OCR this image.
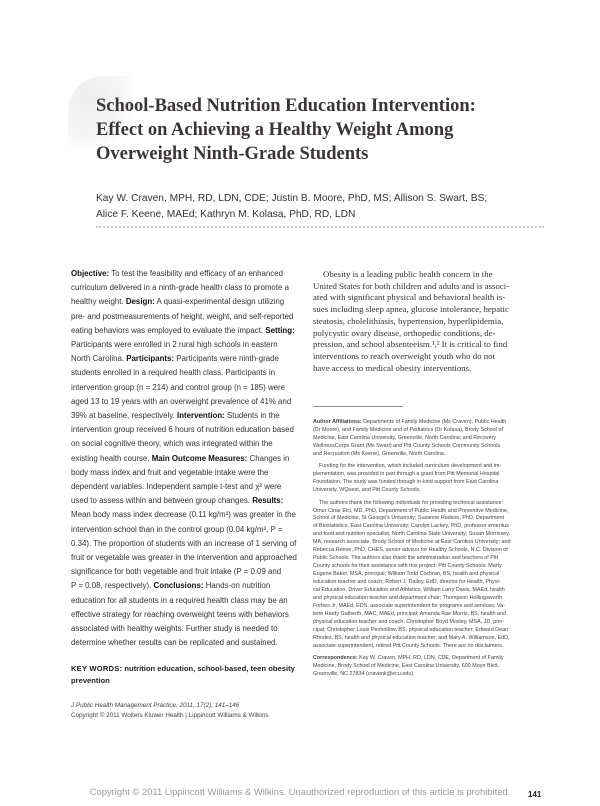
School-Based Nutrition Education Intervention:
Effect on Achieving a Healthy Weight Among
Overweight Ninth-Grade Students

Kay W. Craven, MPH, RD, LDN, CDE; Justin B. Moore, PhD, MS; Allison S. Swart, BS;
Alice F. Keene, MAEd; Kathryn M. Kolasa, PhD, RD, LDN

Objective: To test the feasibility and efficacy of an enhanced
curriculum delivered in a ninth-grade health class to promote a
healthy weight. Design: A quasi-experimental design utilizing
pre- and postmeasurements of height, weight, and self-reported
eating behaviors was employed to evaluate the impact. Setting:
Participants were enrolled in 2 rural high schools in eastern
North Carolina. Participants: Participants were ninth-grade
students enrolled in a required health class. Participants in
intervention group (n = 214) and control group (n = 185) were
aged 13 to 19 years with an overweight prevalence of 41% and
39% at baseline, respectively. Intervention: Students in the
intervention group received 6 hours of nutrition education based
on social cognitive theory, which was integrated within the
existing health course. Main Outcome Measures: Changes in
body mass index and fruit and vegetable intake were the
dependent variables. Independent sample t-test and χ² were
used to assess within and between group changes. Results:
Mean body mass index decrease (0.11 kg/m²) was greater in the
intervention school than in the control group (0.04 kg/m², P =
0.34). The proportion of students with an increase of 1 serving of
fruit or vegetable was greater in the intervention and approached
significance for both vegetable and fruit intake (P = 0.09 and
P = 0.08, respectively). Conclusions: Hands-on nutrition
education for all students in a required health class may be an
effective strategy for reaching overweight teens with behaviors
associated with healthy weights. Further study is needed to
determine whether results can be replicated and sustained.
KEY WORDS: nutrition education, school-based, teen obesity
prevention
J Public Health Management Practice, 2011, 17(2), 141–146
Copyright © 2011 Wolters Kluwer Health | Lippincott Williams & Wilkins
Obesity is a leading public health concern in the
United States for both children and adults and is associ-
ated with significant physical and behavioral health is-
sues including sleep apnea, glucose intolerance, hepatic
steatosis, cholelithiasis, hypertension, hyperlipidemia,
polycystic ovary disease, orthopedic conditions, de-
pression, and school absenteeism.¹,² It is critical to find
interventions to reach overweight youth who do not
have access to medical obesity interventions.
Author Affiliations: Departments of Family Medicine (Ms Craven), Public Health
(Dr Moore), and Family Medicine and of Pediatrics (Dr Kolasa), Brody School of
Medicine, East Carolina University, Greenville, North Carolina; and Recovery
WellnessCorps Grant (Ms Swart) and Pitt County Schools Community Schools
and Recreation (Ms Keene), Greenville, North Carolina.
Funding for the intervention, which included curriculum development and im-
plementation, was provided in part through a grant from Pitt Memorial Hospital
Foundation. The study was funded through in-kind support from East Carolina
University, WQuest, and Pitt County Schools.
The authors thank the following individuals for providing technical assistance:
Omur Cinar Elci, MD, PhD, Department of Public Health and Preventive Medicine,
School of Medicine, St George's University; Suzanne Hudson, PhD, Department
of Biostatistics, East Carolina University; Carolyn Lackey, PhD, professor emeritus
and food and nutrition specialist, North Carolina State University; Susan Morrissey,
MA, research associate, Brody School of Medicine at East Carolina University; and
Rebecca Reeve, PhD, CHES, senior advisor for Healthy Schools, N.C. Division of
Public Schools. The authors also thank the administration and teachers of Pitt
County schools for their assistance with this project: Pitt County Schools: Marty
Eugene Baker, MSA, principal; William Todd Cochran, BS, health and physical
education teacher and coach; Robert J. Dailey, EdD, director for Health, Physi-
cal Education, Driver Education and Athletics; William Larry Davis, MAEd, health
and physical education teacher and department chair; Thompson Hollingsworth
Forbes Jr, MAEd, EDS, associate superintendent for programs and services; Va-
lerie Hardy Galberth, MAC, MAEd, principal; Amanda Rae Morris, BS, health and
physical education teacher and coach; Christopher Boyd Moxley, MSA, JD, prin-
cipal; Christopher Louis Penhollow, BS, physical education teacher; Edward Dean
Rhodes, BS, health and physical education teacher; and Mary A. Williamson, EdD,
associate superintendent, retired Pitt County Schools. There are no disclaimers.
Correspondence: Kay W. Craven, MPH, RD, LDN, CDE, Department of Family
Medicine, Brody School of Medicine, East Carolina University, 600 Moye Blvd,
Greenville, NC 27834 (cravenk@ecu.edu).
141
Copyright © 2011 Lippincott Williams & Wilkins. Unauthorized reproduction of this article is prohibited.
